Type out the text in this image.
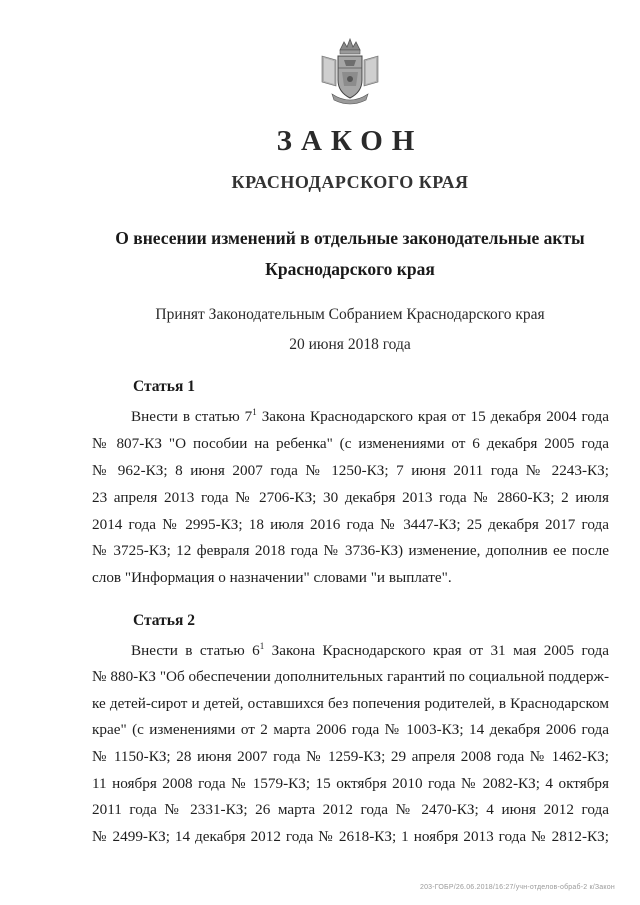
ЗАКОН
КРАСНОДАРСКОГО КРАЯ
О внесении изменений в отдельные законодательные акты
Краснодарского края
Принят Законодательным Собранием Краснодарского края
20 июня 2018 года
Статья 1
Внести в статью $7^1$ Закона Краснодарского края от 15 декабря 2004 года
№ 807-КЗ "О пособии на ребенка" (с изменениями от 6 декабря 2005 года
№ 962-КЗ; 8 июня 2007 года № 1250-КЗ; 7 июня 2011 года № 2243-КЗ;
23 апреля 2013 года № 2706-КЗ; 30 декабря 2013 года № 2860-КЗ; 2 июля
2014 года № 2995-КЗ; 18 июля 2016 года № 3447-КЗ; 25 декабря 2017 года
№ 3725-КЗ; 12 февраля 2018 года № 3736-КЗ) изменение, дополнив ее после
слов "Информация о назначении" словами "и выплате".
Статья 2
Внести в статью $6^1$ Закона Краснодарского края от 31 мая 2005 года
№ 880-КЗ "Об обеспечении дополнительных гарантий по социальной поддерж-
ке детей-сирот и детей, оставшихся без попечения родителей, в Краснодарском
крае" (с изменениями от 2 марта 2006 года № 1003-КЗ; 14 декабря 2006 года
№ 1150-КЗ; 28 июня 2007 года № 1259-КЗ; 29 апреля 2008 года № 1462-КЗ;
11 ноября 2008 года № 1579-КЗ; 15 октября 2010 года № 2082-КЗ; 4 октября
2011 года № 2331-КЗ; 26 марта 2012 года № 2470-КЗ; 4 июня 2012 года
№ 2499-КЗ; 14 декабря 2012 года № 2618-КЗ; 1 ноября 2013 года № 2812-КЗ;
203-ГОБР/26.06.2018/16:27/учн-отделов-обраб-2 к/Закон
